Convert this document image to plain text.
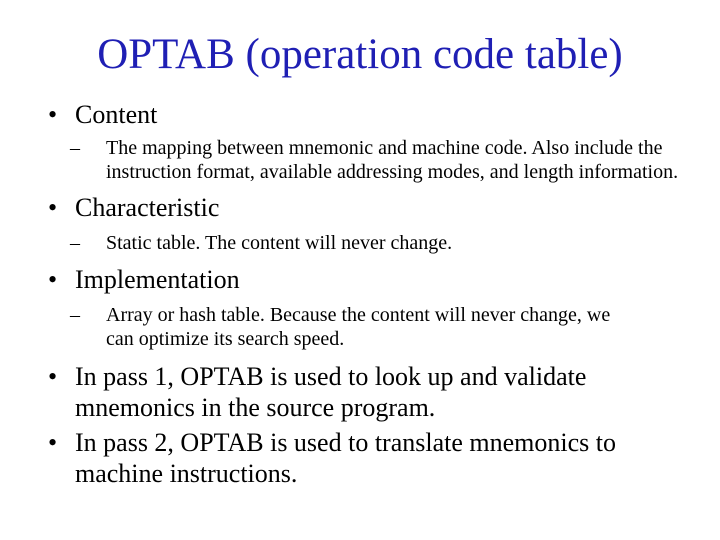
OPTAB (operation code table)
• Content
– The mapping between mnemonic and machine code. Also include the instruction format, available addressing modes, and length information.
• Characteristic
– Static table. The content will never change.
• Implementation
– Array or hash table. Because the content will never change, we can optimize its search speed.
• In pass 1, OPTAB is used to look up and validate mnemonics in the source program.
• In pass 2, OPTAB is used to translate mnemonics to machine instructions.
